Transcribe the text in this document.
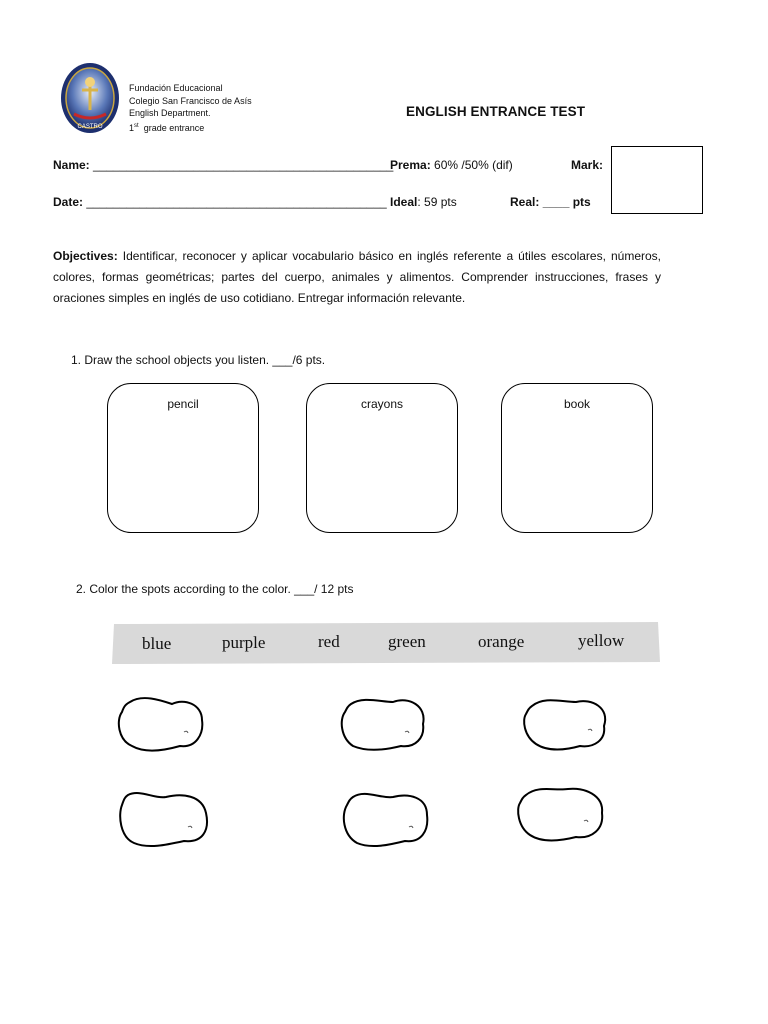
CASTRO
Fundación Educacional
Colegio San Francisco de Asís
English Department.
1st grade entrance
ENGLISH ENTRANCE TEST
Name: _____________________________________________
Prema: 60% /50% (dif)	Mark:
Date: _____________________________________________ Ideal: 59 pts	Real: ____ pts
Objectives: Identificar, reconocer y aplicar vocabulario básico en inglés referente a útiles escolares, números, colores, formas geométricas; partes del cuerpo, animales y alimentos. Comprender instrucciones, frases y oraciones simples en inglés de uso cotidiano. Entregar información relevante.
1. Draw the school objects you listen. ___/6 pts.
pencil	crayons	book
2. Color the spots according to the color. ___/ 12 pts
blue	purple	red	green	orange	yellow
